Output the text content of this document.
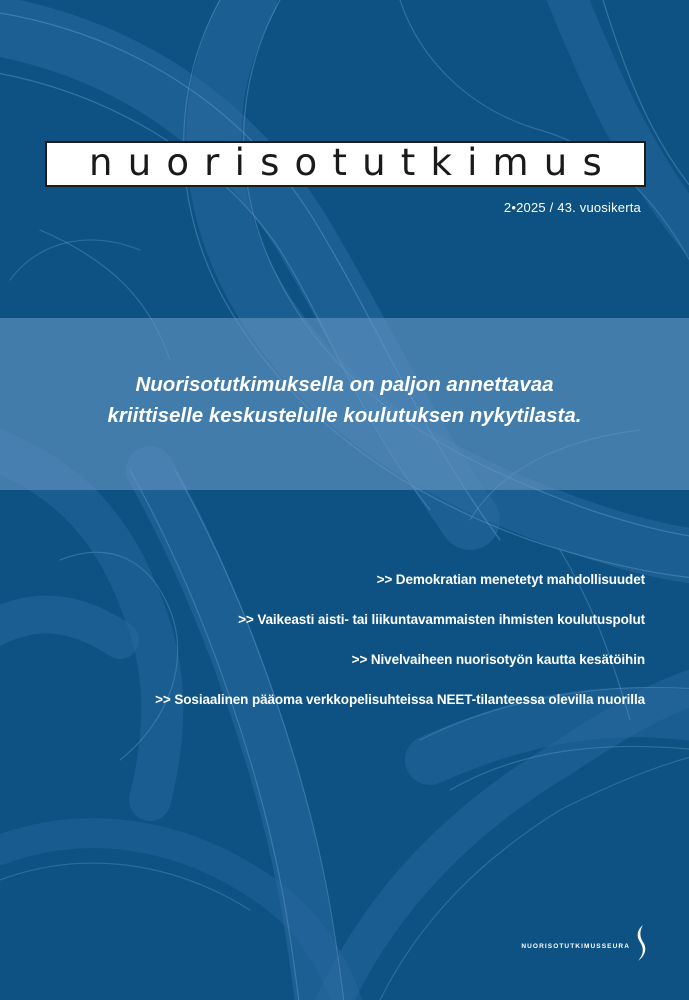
nuorisotutkimus
2•2025 / 43. vuosikerta
Nuorisotutkimuksella on paljon annettavaa
kriittiselle keskustelulle koulutuksen nykytilasta.
>> Demokratian menetetyt mahdollisuudet
>> Vaikeasti aisti- tai liikuntavammaisten ihmisten koulutuspolut
>> Nivelvaiheen nuorisotyön kautta kesätöihin
>> Sosiaalinen pääoma verkkopelisuhteissa NEET-tilanteessa olevilla nuorilla
NUORISOTUTKIMUSSEURA
